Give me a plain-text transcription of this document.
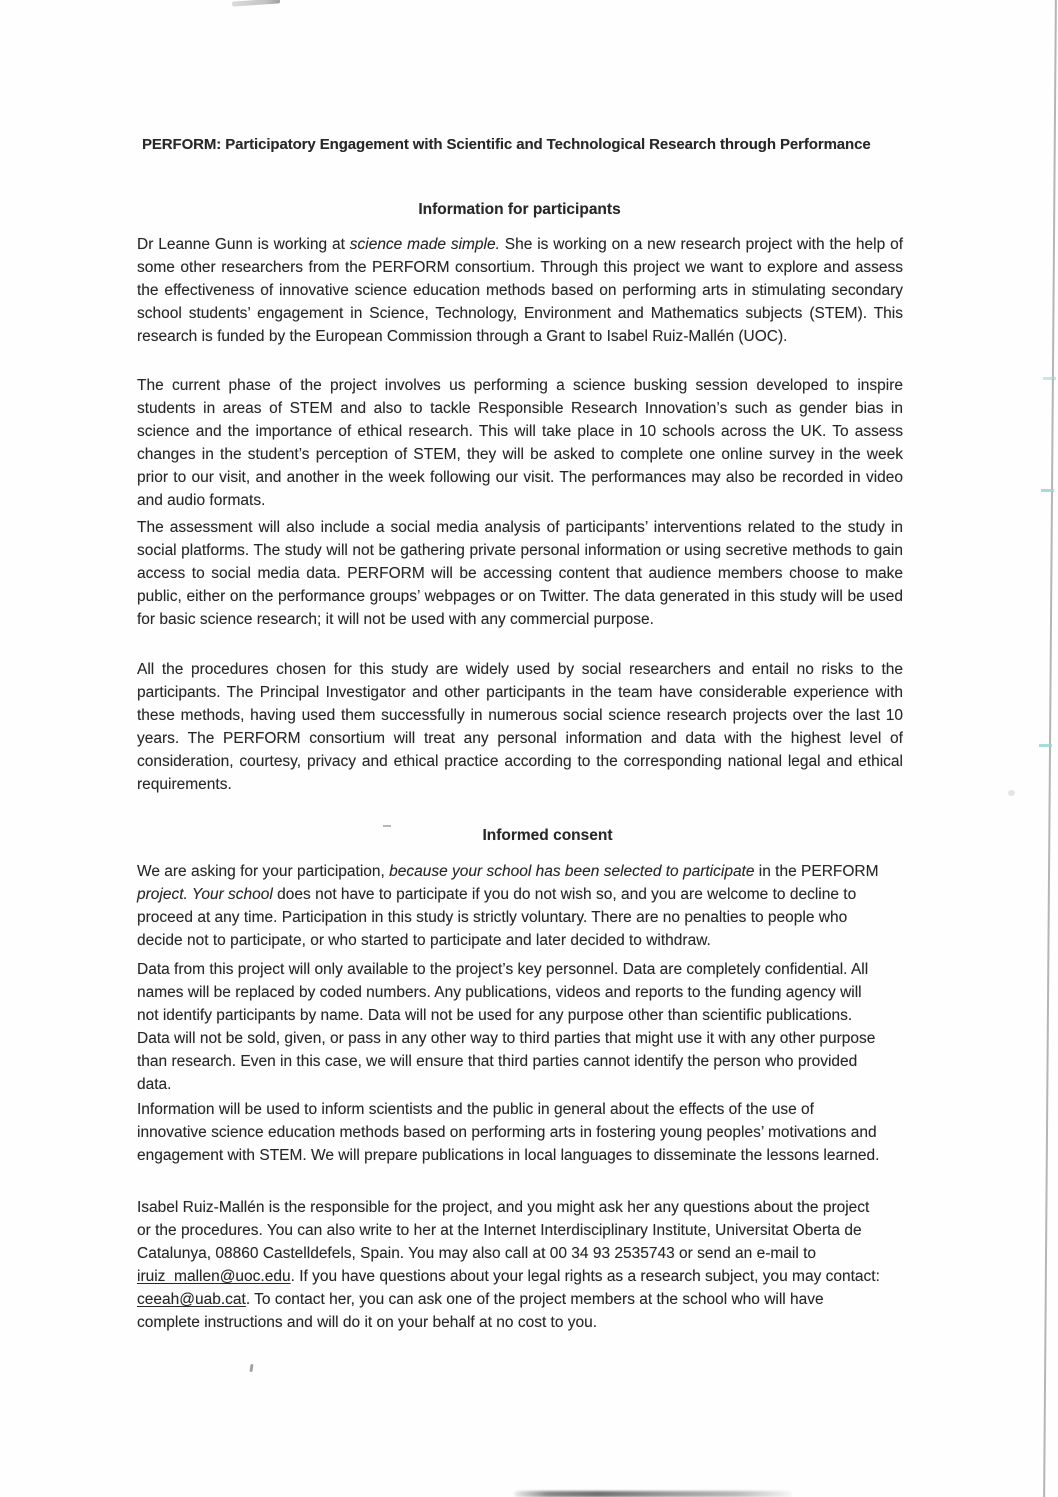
PERFORM: Participatory Engagement with Scientific and Technological Research through Performance
Information for participants

Dr Leanne Gunn is working at science made simple. She is working on a new research project with the help of some other researchers from the PERFORM consortium. Through this project we want to explore and assess the effectiveness of innovative science education methods based on performing arts in stimulating secondary school students’ engagement in Science, Technology, Environment and Mathematics subjects (STEM). This research is funded by the European Commission through a Grant to Isabel Ruiz-Mallén (UOC).

The current phase of the project involves us performing a science busking session developed to inspire students in areas of STEM and also to tackle Responsible Research Innovation’s such as gender bias in science and the importance of ethical research. This will take place in 10 schools across the UK. To assess changes in the student’s perception of STEM, they will be asked to complete one online survey in the week prior to our visit, and another in the week following our visit. The performances may also be recorded in video and audio formats.

The assessment will also include a social media analysis of participants’ interventions related to the study in social platforms. The study will not be gathering private personal information or using secretive methods to gain access to social media data. PERFORM will be accessing content that audience members choose to make public, either on the performance groups’ webpages or on Twitter. The data generated in this study will be used for basic science research; it will not be used with any commercial purpose.

All the procedures chosen for this study are widely used by social researchers and entail no risks to the participants. The Principal Investigator and other participants in the team have considerable experience with these methods, having used them successfully in numerous social science research projects over the last 10 years. The PERFORM consortium will treat any personal information and data with the highest level of consideration, courtesy, privacy and ethical practice according to the corresponding national legal and ethical requirements.

Informed consent

We are asking for your participation, because your school has been selected to participate in the PERFORM project. Your school does not have to participate if you do not wish so, and you are welcome to decline to proceed at any time. Participation in this study is strictly voluntary. There are no penalties to people who decide not to participate, or who started to participate and later decided to withdraw.

Data from this project will only available to the project’s key personnel. Data are completely confidential. All names will be replaced by coded numbers. Any publications, videos and reports to the funding agency will not identify participants by name. Data will not be used for any purpose other than scientific publications. Data will not be sold, given, or pass in any other way to third parties that might use it with any other purpose than research. Even in this case, we will ensure that third parties cannot identify the person who provided data.

Information will be used to inform scientists and the public in general about the effects of the use of innovative science education methods based on performing arts in fostering young peoples’ motivations and engagement with STEM. We will prepare publications in local languages to disseminate the lessons learned.

Isabel Ruiz-Mallén is the responsible for the project, and you might ask her any questions about the project or the procedures. You can also write to her at the Internet Interdisciplinary Institute, Universitat Oberta de Catalunya, 08860 Castelldefels, Spain. You may also call at 00 34 93 2535743 or send an e-mail to iruiz_mallen@uoc.edu. If you have questions about your legal rights as a research subject, you may contact: ceeah@uab.cat. To contact her, you can ask one of the project members at the school who will have complete instructions and will do it on your behalf at no cost to you.
